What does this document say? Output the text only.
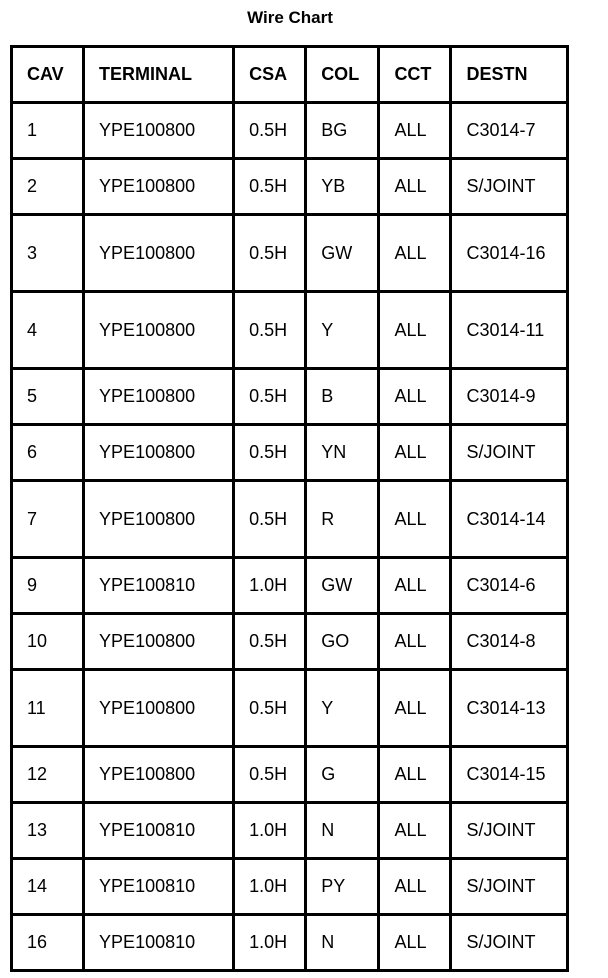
Wire Chart
CAV	TERMINAL	CSA	COL	CCT	DESTN
1	YPE100800	0.5H	BG	ALL	C3014-7
2	YPE100800	0.5H	YB	ALL	S/JOINT
3	YPE100800	0.5H	GW	ALL	C3014-16
4	YPE100800	0.5H	Y	ALL	C3014-11
5	YPE100800	0.5H	B	ALL	C3014-9
6	YPE100800	0.5H	YN	ALL	S/JOINT
7	YPE100800	0.5H	R	ALL	C3014-14
9	YPE100810	1.0H	GW	ALL	C3014-6
10	YPE100800	0.5H	GO	ALL	C3014-8
11	YPE100800	0.5H	Y	ALL	C3014-13
12	YPE100800	0.5H	G	ALL	C3014-15
13	YPE100810	1.0H	N	ALL	S/JOINT
14	YPE100810	1.0H	PY	ALL	S/JOINT
16	YPE100810	1.0H	N	ALL	S/JOINT
